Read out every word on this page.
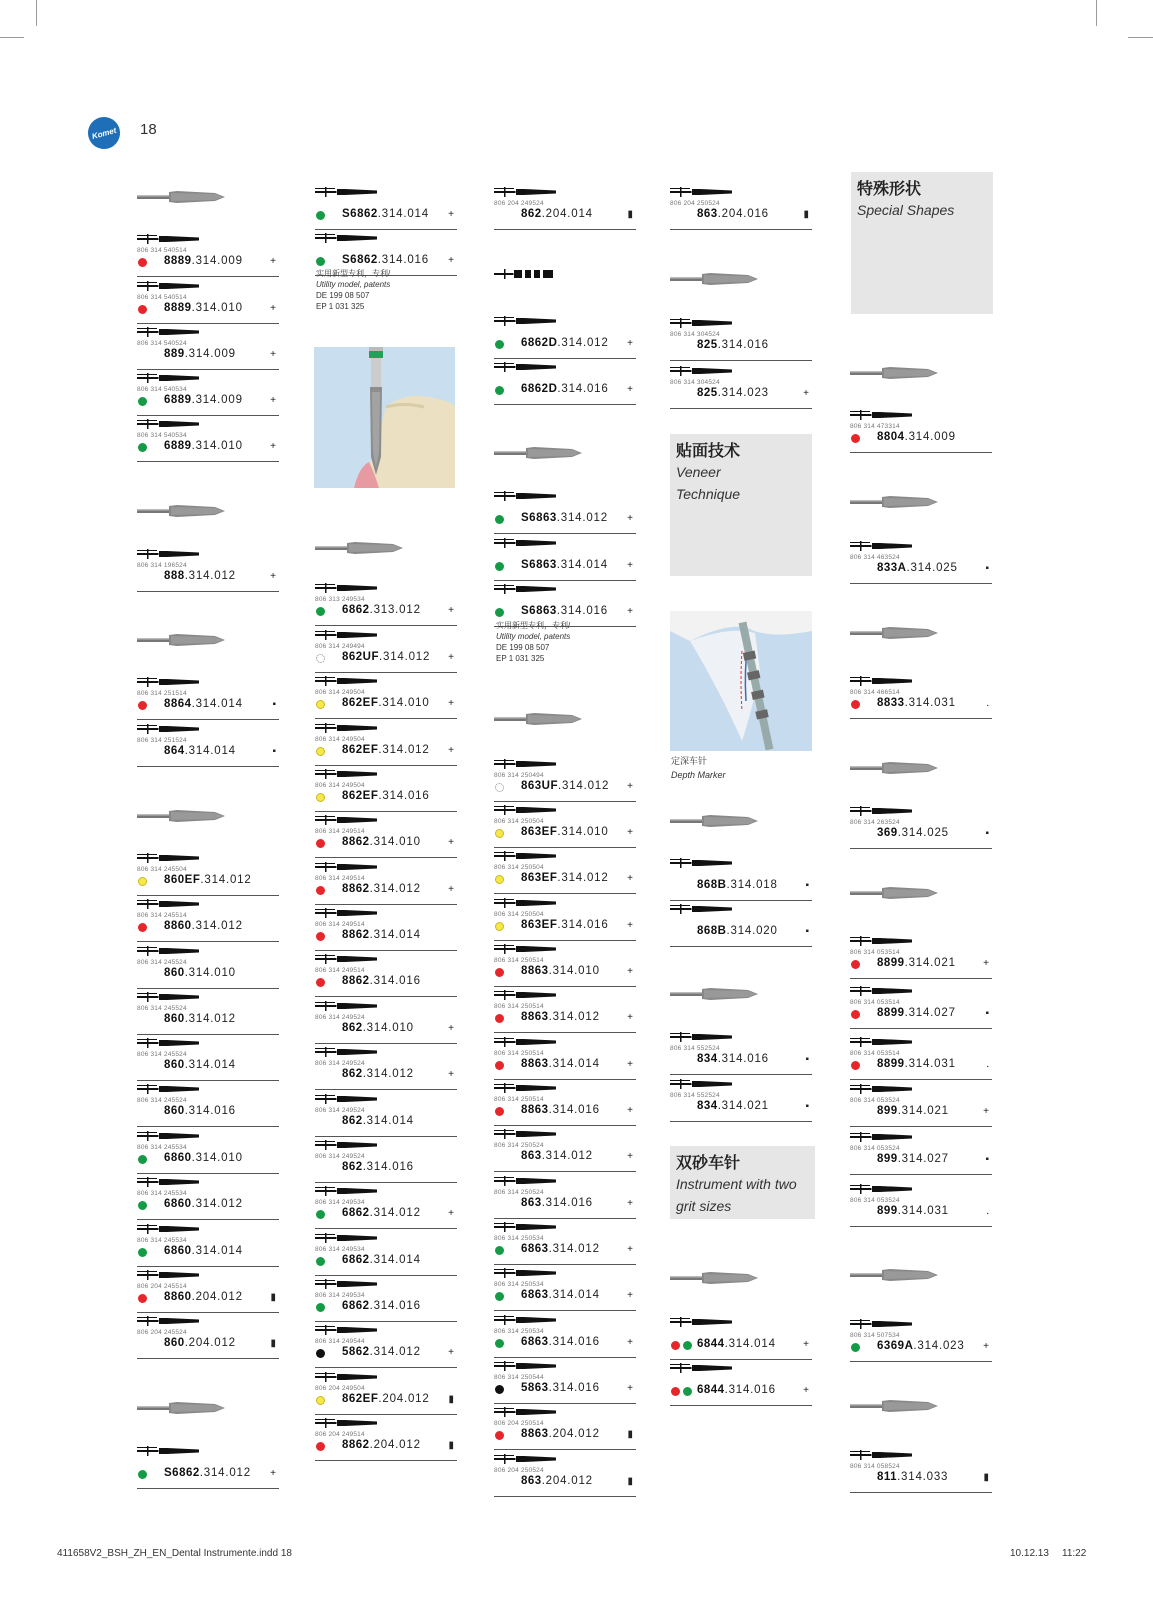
Komet	18
806 314 540514
8889.314.009	+
806 314 540514
8889.314.010	+
806 314 540524
889.314.009	+
806 314 540534
6889.314.009	+
806 314 540534
6889.314.010	+
806 314 196524
888.314.012	+
806 314 251514
8864.314.014	▪
806 314 251524
864.314.014	▪
806 314 245504
860EF.314.012
806 314 245514
8860.314.012
806 314 245524
860.314.010
806 314 245524
860.314.012
806 314 245524
860.314.014
806 314 245524
860.314.016
806 314 245534
6860.314.010
806 314 245534
6860.314.012
806 314 245534
6860.314.014
806 204 245514
8860.204.012	▮
806 204 245524
860.204.012	▮
S6862.314.012 +
S6862.314.014 +
S6862.314.016 +
806 313 249534
6862.313.012	+
806 314 249494
862UF.314.012 +
806 314 249504
862EF.314.010 +
806 314 249504
862EF.314.012 +
806 314 249504
862EF.314.016
806 314 249514
8862.314.010	+
806 314 249514
8862.314.012	+
806 314 249514
8862.314.014
806 314 249514
8862.314.016
806 314 249524
862.314.010	+
806 314 249524
862.314.012	+
806 314 249524
862.314.014
806 314 249524
862.314.016
806 314 249534
6862.314.012	+
806 314 249534
6862.314.014
806 314 249534
6862.314.016
806 314 249544
5862.314.012	+
806 204 249504
862EF.204.012 ▮
806 204 249514
8862.204.012	▮
806 204 249524
862.204.014	▮
6862D.314.012 +
6862D.314.016 +
S6863.314.012 +
S6863.314.014 +
S6863.314.016 +
806 314 250494
863UF.314.012 +
806 314 250504
863EF.314.010 +
806 314 250504
863EF.314.012 +
806 314 250504
863EF.314.016 +
806 314 250514
8863.314.010	+
806 314 250514
8863.314.012	+
806 314 250514
8863.314.014	+
806 314 250514
8863.314.016	+
806 314 250524
863.314.012	+
806 314 250524
863.314.016	+
806 314 250534
6863.314.012	+
806 314 250534
6863.314.014	+
806 314 250534
6863.314.016	+
806 314 250544
5863.314.016	+
806 204 250514
8863.204.012	▮
806 204 250524
863.204.012	▮
806 204 250524
863.204.016	▮
806 314 304524
825.314.016
806 314 304524
825.314.023	+
868B.314.018	▪
868B.314.020	▪
806 314 552524
834.314.016	▪
806 314 552524
834.314.021	▪
6844.314.014	+
6844.314.016	+
806 314 473314
8804.314.009
806 314 463524
833A.314.025	▪
806 314 466514
8833.314.031	⸱
806 314 263524
369.314.025	▪
806 314 053514
8899.314.021	+
806 314 053514
8899.314.027	▪
806 314 053514
8899.314.031	⸱
806 314 053524
899.314.021	+
806 314 053524
899.314.027	▪
806 314 053524
899.314.031	⸱
806 314 507534
6369A.314.023 +
806 314 058524
811.314.033	▮
特殊形状
Special Shapes
贴面技术
Veneer
Technique
双砂车针
Instrument with two
grit sizes
实用新型专利，专利/
Utility model, patents
DE 199 08 507
EP 1 031 325
实用新型专利，专利/
Utility model, patents
DE 199 08 507
EP 1 031 325
定深车针
Depth Marker
411658V2_BSH_ZH_EN_Dental Instrumente.indd 18	10.12.13 11:22
